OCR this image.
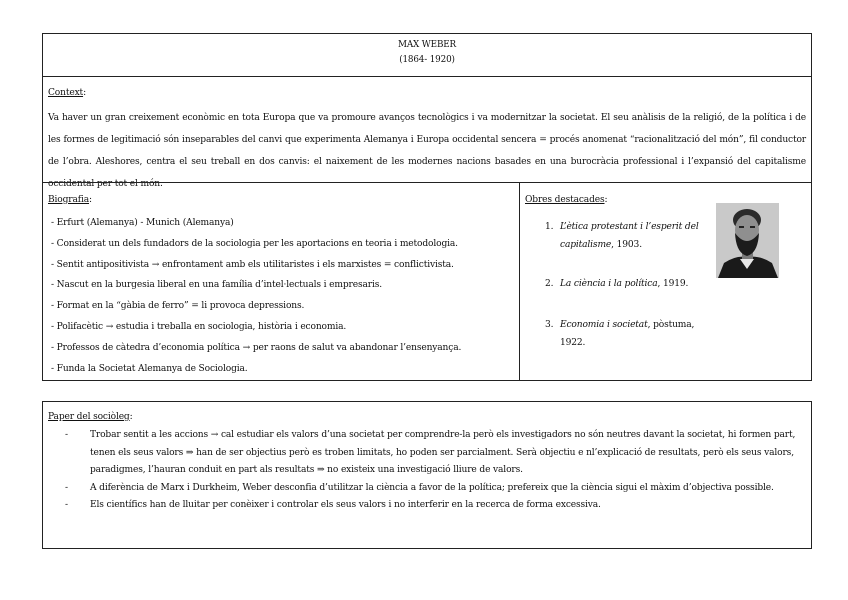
MAX WEBER
(1864- 1920)
Context:
Va haver un gran creixement econòmic en tota Europa que va promoure avanços tecnològics i va modernitzar la societat. El seu anàlisis de la religió, de la política i de les formes de legitimació són inseparables del canvi que experimenta Alemanya i Europa occidental sencera = procés anomenat “racionalització del món”, fil conductor de l’obra. Aleshores, centra el seu treball en dos canvis: el naixement de les modernes nacions basades en una burocràcia professional i l’expansió del capitalisme occidental per tot el món.
Biografia:
- Erfurt (Alemanya) - Munich (Alemanya)
- Considerat un dels fundadors de la sociologia per les aportacions en teoria i metodologia.
- Sentit antipositivista → enfrontament amb els utilitaristes i els marxistes = conflictivista.
- Nascut en la burgesia liberal en una família d’intel·lectuals i empresaris.
- Format en la “gàbia de ferro” = li provoca depressions.
- Polifacètic → estudia i treballa en sociologia, història i economia.
- Professos de càtedra d’economia política → per raons de salut va abandonar l’ensenyança.
- Funda la Societat Alemanya de Sociologia.
Obres destacades:
1. L’ètica protestant i l’esperit del capitalisme, 1903.
2. La ciència i la política, 1919.
3. Economia i societat, pòstuma, 1922.
Paper del sociòleg:
- Trobar sentit a les accions → cal estudiar els valors d’una societat per comprendre-la però els investigadors no són neutres davant la societat, hi formen part, tenen els seus valors ⇒ han de ser objectius però es troben limitats, ho poden ser parcialment. Serà objectiu e nl’explicació de resultats, però els seus valors, paradigmes, l’hauran conduit en part als resultats ⇒ no existeix una investigació lliure de valors.
- A diferència de Marx i Durkheim, Weber desconfia d’utilitzar la ciència a favor de la política; prefereix que la ciència sigui el màxim d’objectiva possible.
- Els científics han de lluitar per conèixer i controlar els seus valors i no interferir en la recerca de forma excessiva.
